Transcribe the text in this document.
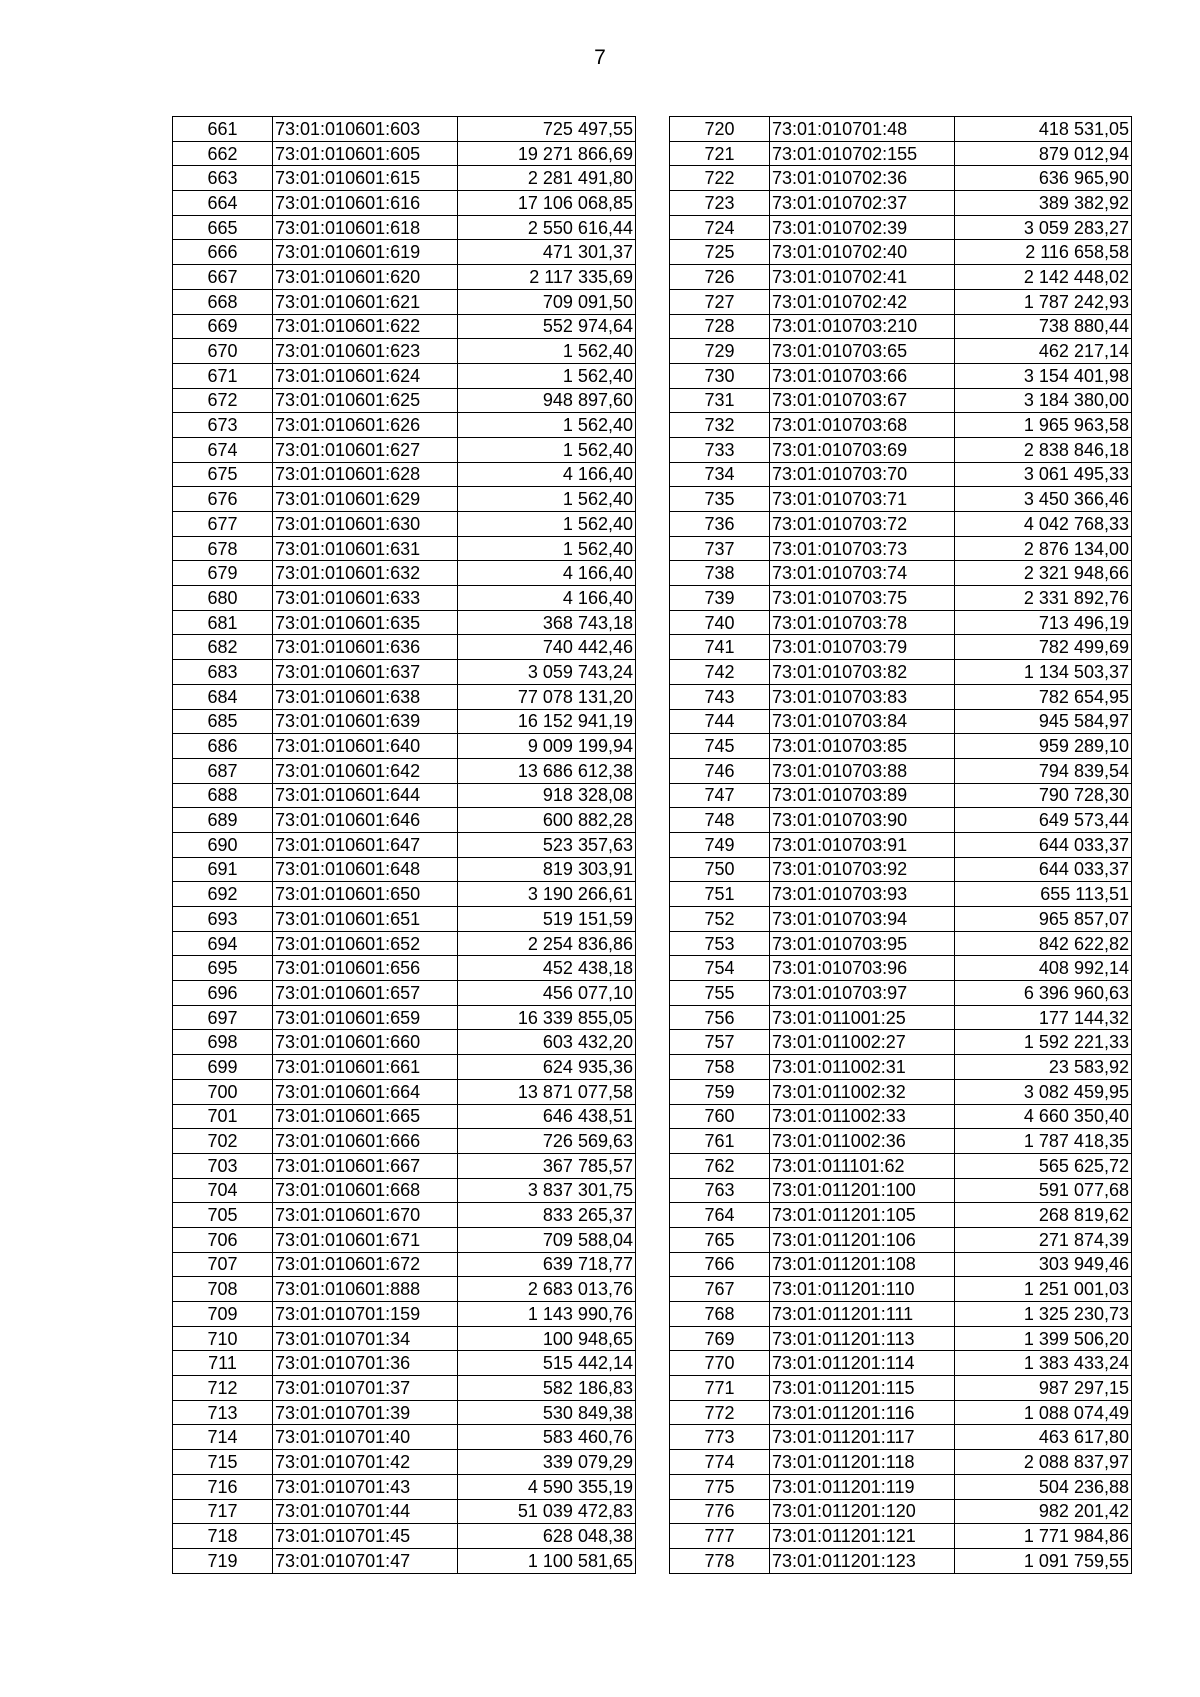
7
661	73:01:010601:603	725 497,55
662	73:01:010601:605	19 271 866,69
663	73:01:010601:615	2 281 491,80
664	73:01:010601:616	17 106 068,85
665	73:01:010601:618	2 550 616,44
666	73:01:010601:619	471 301,37
667	73:01:010601:620	2 117 335,69
668	73:01:010601:621	709 091,50
669	73:01:010601:622	552 974,64
670	73:01:010601:623	1 562,40
671	73:01:010601:624	1 562,40
672	73:01:010601:625	948 897,60
673	73:01:010601:626	1 562,40
674	73:01:010601:627	1 562,40
675	73:01:010601:628	4 166,40
676	73:01:010601:629	1 562,40
677	73:01:010601:630	1 562,40
678	73:01:010601:631	1 562,40
679	73:01:010601:632	4 166,40
680	73:01:010601:633	4 166,40
681	73:01:010601:635	368 743,18
682	73:01:010601:636	740 442,46
683	73:01:010601:637	3 059 743,24
684	73:01:010601:638	77 078 131,20
685	73:01:010601:639	16 152 941,19
686	73:01:010601:640	9 009 199,94
687	73:01:010601:642	13 686 612,38
688	73:01:010601:644	918 328,08
689	73:01:010601:646	600 882,28
690	73:01:010601:647	523 357,63
691	73:01:010601:648	819 303,91
692	73:01:010601:650	3 190 266,61
693	73:01:010601:651	519 151,59
694	73:01:010601:652	2 254 836,86
695	73:01:010601:656	452 438,18
696	73:01:010601:657	456 077,10
697	73:01:010601:659	16 339 855,05
698	73:01:010601:660	603 432,20
699	73:01:010601:661	624 935,36
700	73:01:010601:664	13 871 077,58
701	73:01:010601:665	646 438,51
702	73:01:010601:666	726 569,63
703	73:01:010601:667	367 785,57
704	73:01:010601:668	3 837 301,75
705	73:01:010601:670	833 265,37
706	73:01:010601:671	709 588,04
707	73:01:010601:672	639 718,77
708	73:01:010601:888	2 683 013,76
709	73:01:010701:159	1 143 990,76
710	73:01:010701:34	100 948,65
711	73:01:010701:36	515 442,14
712	73:01:010701:37	582 186,83
713	73:01:010701:39	530 849,38
714	73:01:010701:40	583 460,76
715	73:01:010701:42	339 079,29
716	73:01:010701:43	4 590 355,19
717	73:01:010701:44	51 039 472,83
718	73:01:010701:45	628 048,38
719	73:01:010701:47	1 100 581,65
720	73:01:010701:48	418 531,05
721	73:01:010702:155	879 012,94
722	73:01:010702:36	636 965,90
723	73:01:010702:37	389 382,92
724	73:01:010702:39	3 059 283,27
725	73:01:010702:40	2 116 658,58
726	73:01:010702:41	2 142 448,02
727	73:01:010702:42	1 787 242,93
728	73:01:010703:210	738 880,44
729	73:01:010703:65	462 217,14
730	73:01:010703:66	3 154 401,98
731	73:01:010703:67	3 184 380,00
732	73:01:010703:68	1 965 963,58
733	73:01:010703:69	2 838 846,18
734	73:01:010703:70	3 061 495,33
735	73:01:010703:71	3 450 366,46
736	73:01:010703:72	4 042 768,33
737	73:01:010703:73	2 876 134,00
738	73:01:010703:74	2 321 948,66
739	73:01:010703:75	2 331 892,76
740	73:01:010703:78	713 496,19
741	73:01:010703:79	782 499,69
742	73:01:010703:82	1 134 503,37
743	73:01:010703:83	782 654,95
744	73:01:010703:84	945 584,97
745	73:01:010703:85	959 289,10
746	73:01:010703:88	794 839,54
747	73:01:010703:89	790 728,30
748	73:01:010703:90	649 573,44
749	73:01:010703:91	644 033,37
750	73:01:010703:92	644 033,37
751	73:01:010703:93	655 113,51
752	73:01:010703:94	965 857,07
753	73:01:010703:95	842 622,82
754	73:01:010703:96	408 992,14
755	73:01:010703:97	6 396 960,63
756	73:01:011001:25	177 144,32
757	73:01:011002:27	1 592 221,33
758	73:01:011002:31	23 583,92
759	73:01:011002:32	3 082 459,95
760	73:01:011002:33	4 660 350,40
761	73:01:011002:36	1 787 418,35
762	73:01:011101:62	565 625,72
763	73:01:011201:100	591 077,68
764	73:01:011201:105	268 819,62
765	73:01:011201:106	271 874,39
766	73:01:011201:108	303 949,46
767	73:01:011201:110	1 251 001,03
768	73:01:011201:111	1 325 230,73
769	73:01:011201:113	1 399 506,20
770	73:01:011201:114	1 383 433,24
771	73:01:011201:115	987 297,15
772	73:01:011201:116	1 088 074,49
773	73:01:011201:117	463 617,80
774	73:01:011201:118	2 088 837,97
775	73:01:011201:119	504 236,88
776	73:01:011201:120	982 201,42
777	73:01:011201:121	1 771 984,86
778	73:01:011201:123	1 091 759,55
